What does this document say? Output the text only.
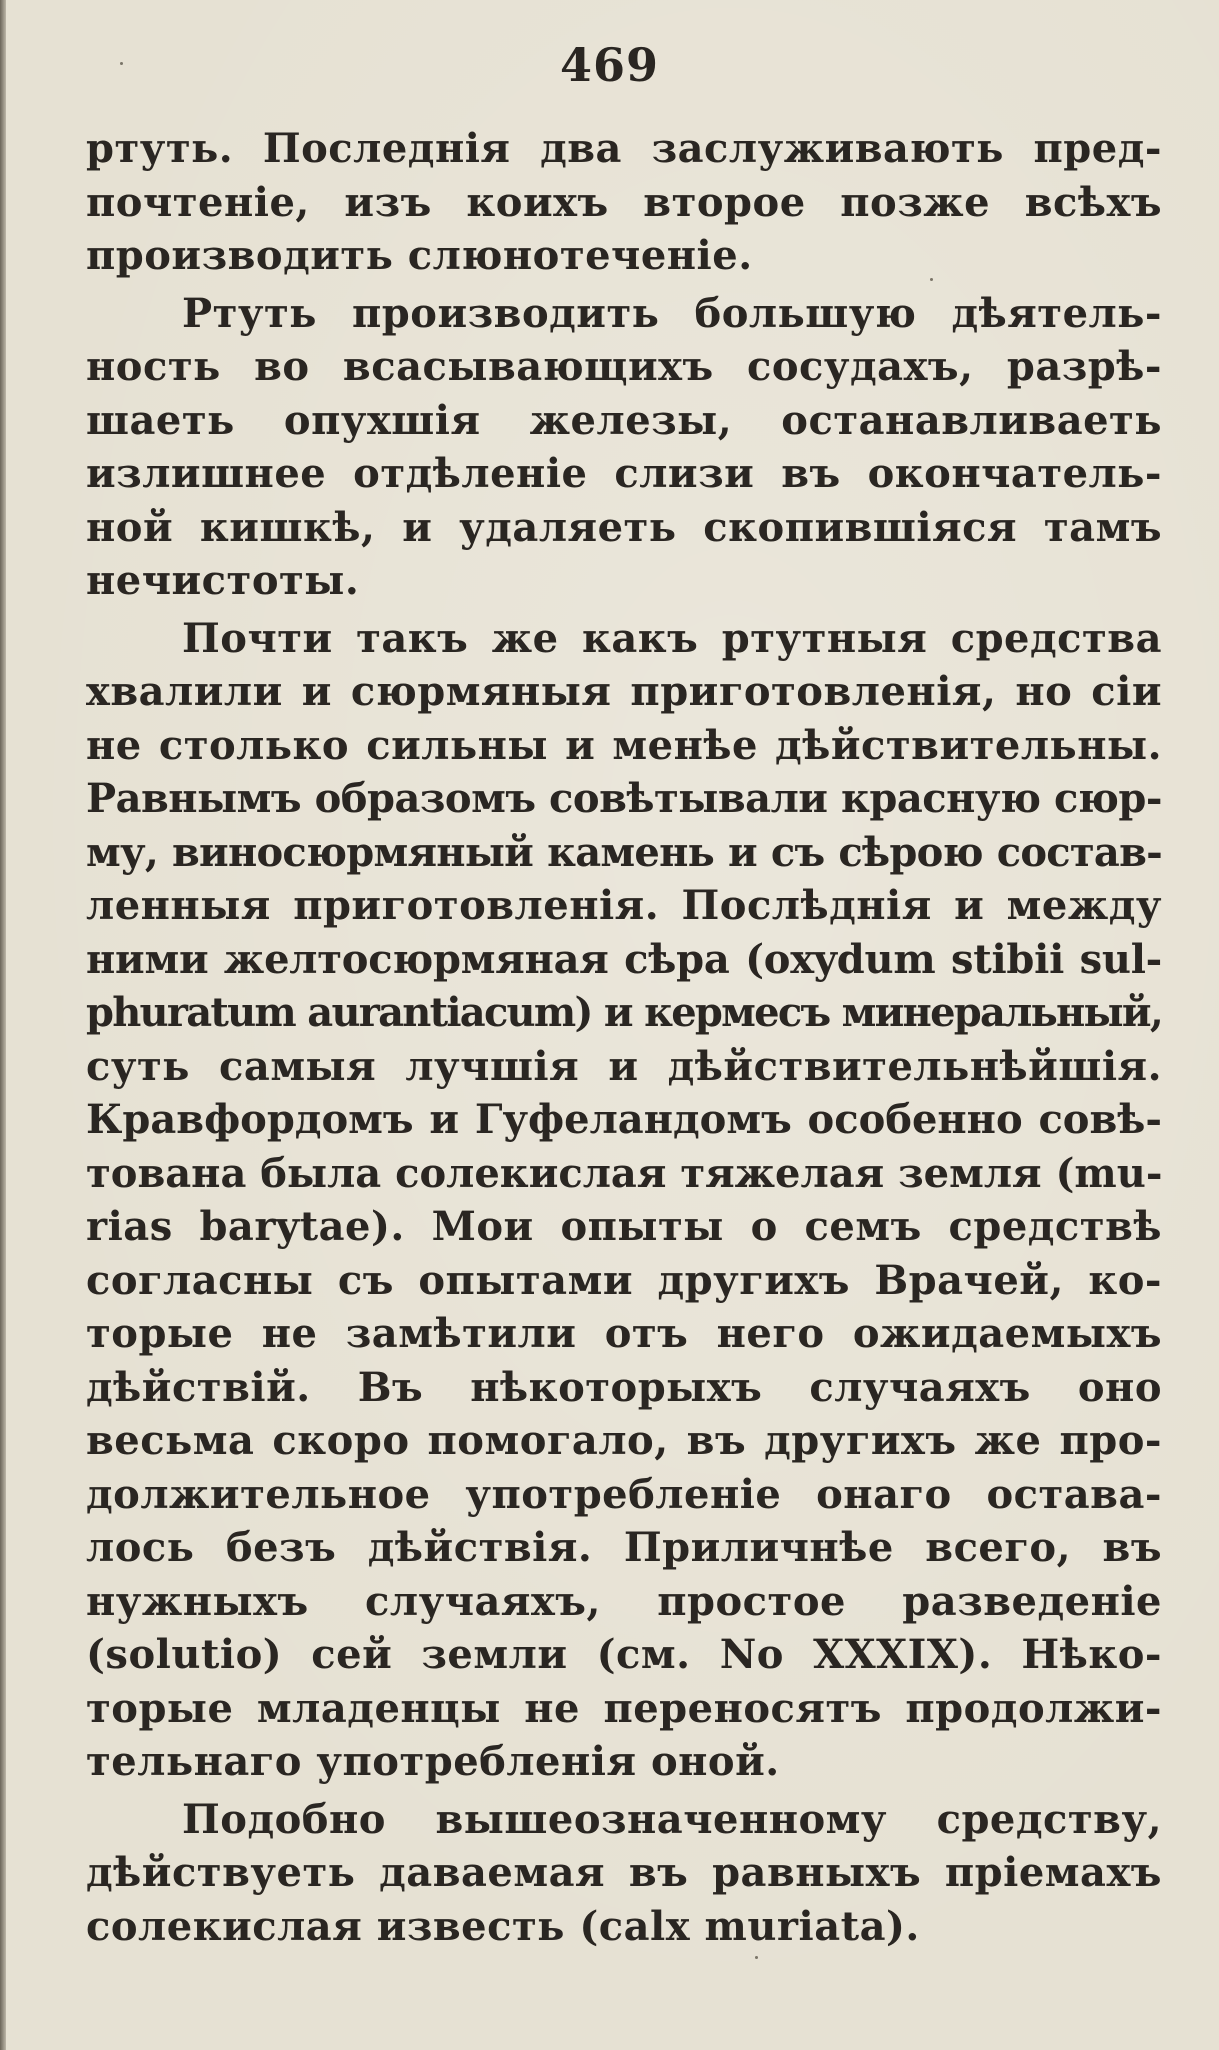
469
ртуть. Последнія два заслуживають пред-
почтеніе, изъ коихъ второе позже всѣхъ
производить слюнотеченіе.
Ртуть производить большую дѣятель-
ность во всасывающихъ сосудахъ, разрѣ-
шаеть опухшія железы, останавливаеть
излишнее отдѣленіе слизи въ окончатель-
ной кишкѣ, и удаляеть скопившіяся тамъ
нечистоты.
Почти такъ же какъ ртутныя средства
хвалили и сюрмяныя приготовленія, но сіи
не столько сильны и менѣе дѣйствительны.
Равнымъ образомъ совѣтывали красную сюр-
му, виносюрмяный камень и съ сѣрою состав-
ленныя приготовленія. Послѣднія и между
ними желтосюрмяная сѣра (oxydum stibii sul-
phuratum aurantiacum) и кермесъ минеральный,
суть самыя лучшія и дѣйствительнѣйшія.
Кравфордомъ и Гуфеландомъ особенно совѣ-
тована была солекислая тяжелая земля (mu-
rias barytae). Мои опыты о семъ средствѣ
согласны съ опытами другихъ Врачей, ко-
торые не замѣтили отъ него ожидаемыхъ
дѣйствій. Въ нѣкоторыхъ случаяхъ оно
весьма скоро помогало, въ другихъ же про-
должительное употребленіе онаго остава-
лось безъ дѣйствія. Приличнѣе всего, въ
нужныхъ случаяхъ, простое разведеніе
(solutio) сей земли (см. No XXXIX). Нѣко-
торые младенцы не переносятъ продолжи-
тельнаго употребленія оной.
Подобно вышеозначенному средству,
дѣйствуеть даваемая въ равныхъ пріемахъ
солекислая известь (calx muriata).
